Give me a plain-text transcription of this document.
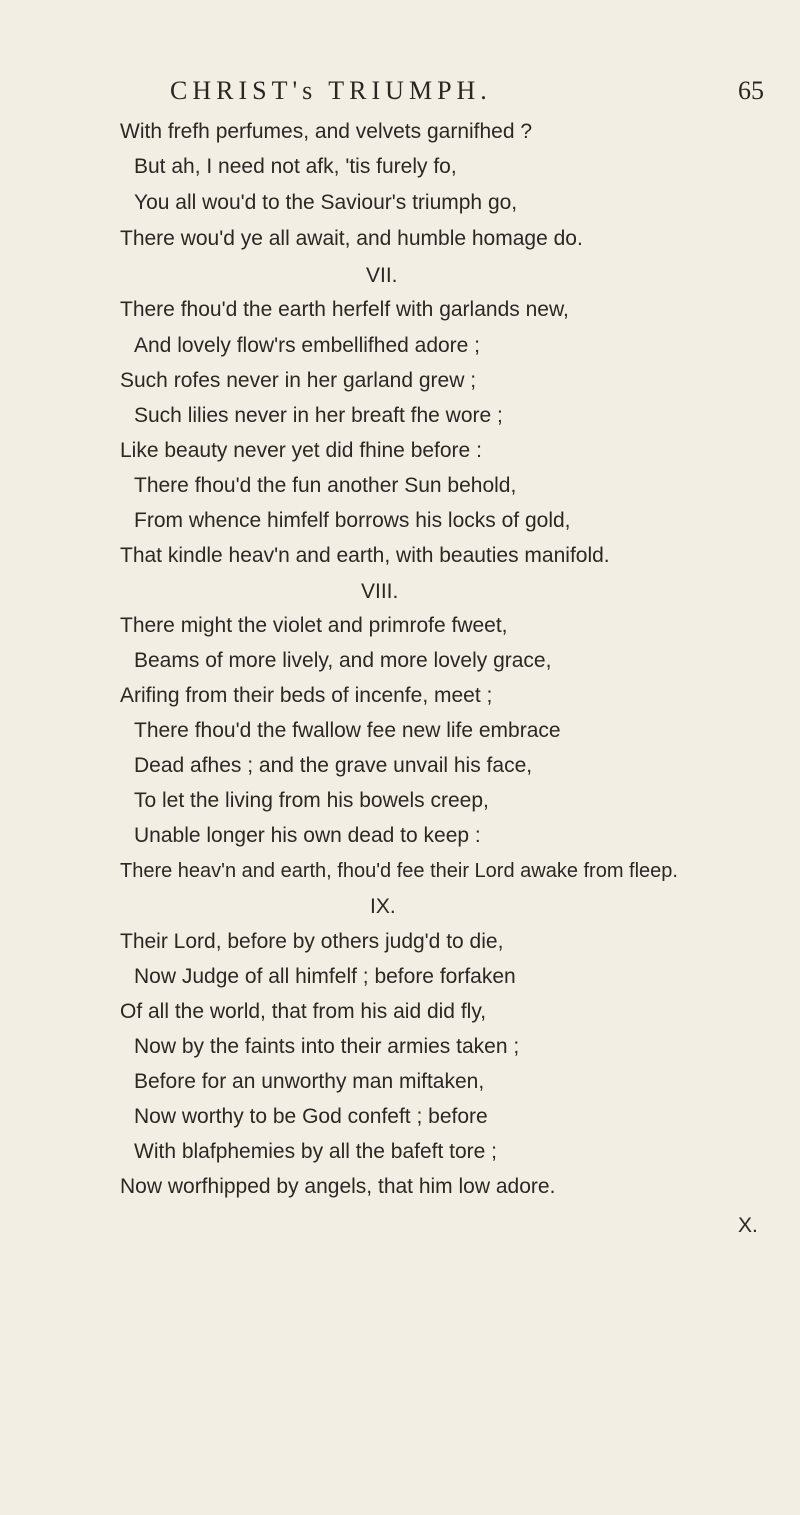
CHRIST's TRIUMPH.	65
With frefh perfumes, and velvets garnifhed ?
But ah, I need not afk, 'tis furely fo,
You all wou'd to the Saviour's triumph go,
There wou'd ye all await, and humble homage do.
VII.
There fhou'd the earth herfelf with garlands new,
And lovely flow'rs embellifhed adore ;
Such rofes never in her garland grew ;
Such lilies never in her breaft fhe wore ;
Like beauty never yet did fhine before :
There fhou'd the fun another Sun behold,
From whence himfelf borrows his locks of gold,
That kindle heav'n and earth, with beauties manifold.
VIII.
There might the violet and primrofe fweet,
Beams of more lively, and more lovely grace,
Arifing from their beds of incenfe, meet ;
There fhou'd the fwallow fee new life embrace
Dead afhes ; and the grave unvail his face,
To let the living from his bowels creep,
Unable longer his own dead to keep :
There heav'n and earth, fhou'd fee their Lord awake from fleep.
IX.
Their Lord, before by others judg'd to die,
Now Judge of all himfelf ; before forfaken
Of all the world, that from his aid did fly,
Now by the faints into their armies taken ;
Before for an unworthy man miftaken,
Now worthy to be God confeft ; before
With blafphemies by all the bafeft tore ;
Now worfhipped by angels, that him low adore.
X.
